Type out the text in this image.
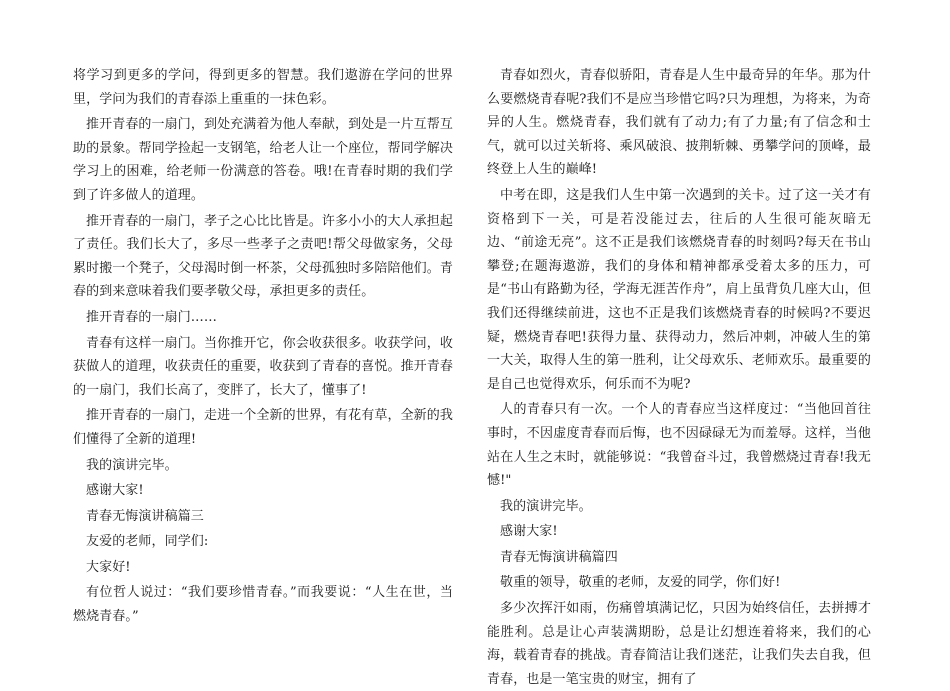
将学习到更多的学问，得到更多的智慧。我们遨游在学问的世界里，学问为我们的青春添上重重的一抹色彩。

推开青春的一扇门，到处充满着为他人奉献，到处是一片互帮互助的景象。帮同学捡起一支钢笔，给老人让一个座位，帮同学解决学习上的困难，给老师一份满意的答卷。哦!在青春时期的我们学到了许多做人的道理。

推开青春的一扇门，孝子之心比比皆是。许多小小的大人承担起了责任。我们长大了，多尽一些孝子之责吧!帮父母做家务，父母累时搬一个凳子，父母渴时倒一杯茶，父母孤独时多陪陪他们。青春的到来意味着我们要孝敬父母，承担更多的责任。

推开青春的一扇门……

青春有这样一扇门。当你推开它，你会收获很多。收获学问，收获做人的道理，收获责任的重要，收获到了青春的喜悦。推开青春的一扇门，我们长高了，变胖了，长大了，懂事了!

推开青春的一扇门，走进一个全新的世界，有花有草，全新的我们懂得了全新的道理!

我的演讲完毕。

感谢大家!

青春无悔演讲稿篇三

友爱的老师，同学们:

大家好!

有位哲人说过：“我们要珍惜青春。”而我要说：“人生在世，当燃烧青春。”

青春如烈火，青春似骄阳，青春是人生中最奇异的年华。那为什么要燃烧青春呢?我们不是应当珍惜它吗?只为理想，为将来，为奇异的人生。燃烧青春，我们就有了动力;有了力量;有了信念和士气，就可以过关斩将、乘风破浪、披荆斩棘、勇攀学问的顶峰，最终登上人生的巅峰!

中考在即，这是我们人生中第一次遇到的关卡。过了这一关才有资格到下一关，可是若没能过去，往后的人生很可能灰暗无边、“前途无亮”。这不正是我们该燃烧青春的时刻吗?每天在书山攀登;在题海遨游，我们的身体和精神都承受着太多的压力，可是“书山有路勤为径，学海无涯苦作舟”，肩上虽背负几座大山，但我们还得继续前进，这也不正是我们该燃烧青春的时候吗?不要迟疑，燃烧青春吧!获得力量、获得动力，然后冲刺，冲破人生的第一大关，取得人生的第一胜利，让父母欢乐、老师欢乐。最重要的是自己也觉得欢乐，何乐而不为呢?

人的青春只有一次。一个人的青春应当这样度过：“当他回首往事时，不因虚度青春而后悔，也不因碌碌无为而羞辱。这样，当他站在人生之末时，就能够说：“我曾奋斗过，我曾燃烧过青春!我无憾!"

我的演讲完毕。

感谢大家!

青春无悔演讲稿篇四

敬重的领导，敬重的老师，友爱的同学，你们好!

多少次挥汗如雨，伤痛曾填满记忆，只因为始终信任，去拼搏才能胜利。总是让心声装满期盼，总是让幻想连着将来，我们的心海，载着青春的挑战。青春简洁让我们迷茫，让我们失去自我，但青春，也是一笔宝贵的财宝，拥有了
